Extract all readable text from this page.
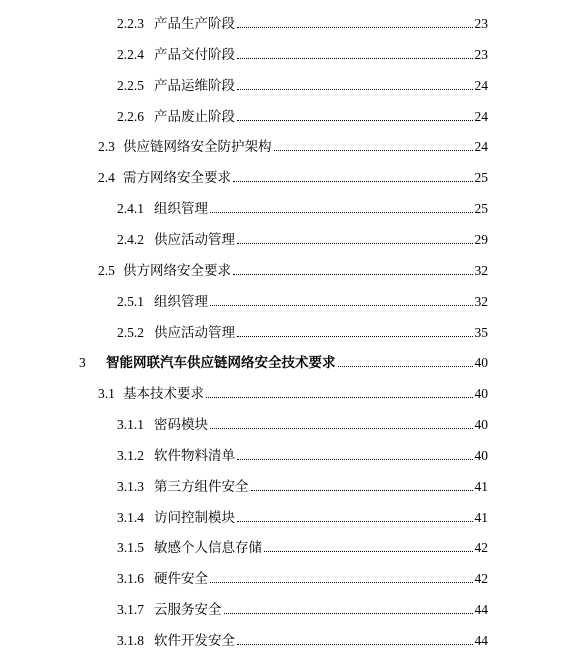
2.2.3 产品生产阶段	23
2.2.4 产品交付阶段	23
2.2.5 产品运维阶段	24
2.2.6 产品废止阶段	24
2.3 供应链网络安全防护架构	24
2.4 需方网络安全要求	25
2.4.1 组织管理	25
2.4.2 供应活动管理	29
2.5 供方网络安全要求	32
2.5.1 组织管理	32
2.5.2 供应活动管理	35
3 智能网联汽车供应链网络安全技术要求	40
3.1 基本技术要求	40
3.1.1 密码模块	40
3.1.2 软件物料清单	40
3.1.3 第三方组件安全	41
3.1.4 访问控制模块	41
3.1.5 敏感个人信息存储	42
3.1.6 硬件安全	42
3.1.7 云服务安全	44
3.1.8 软件开发安全	44
